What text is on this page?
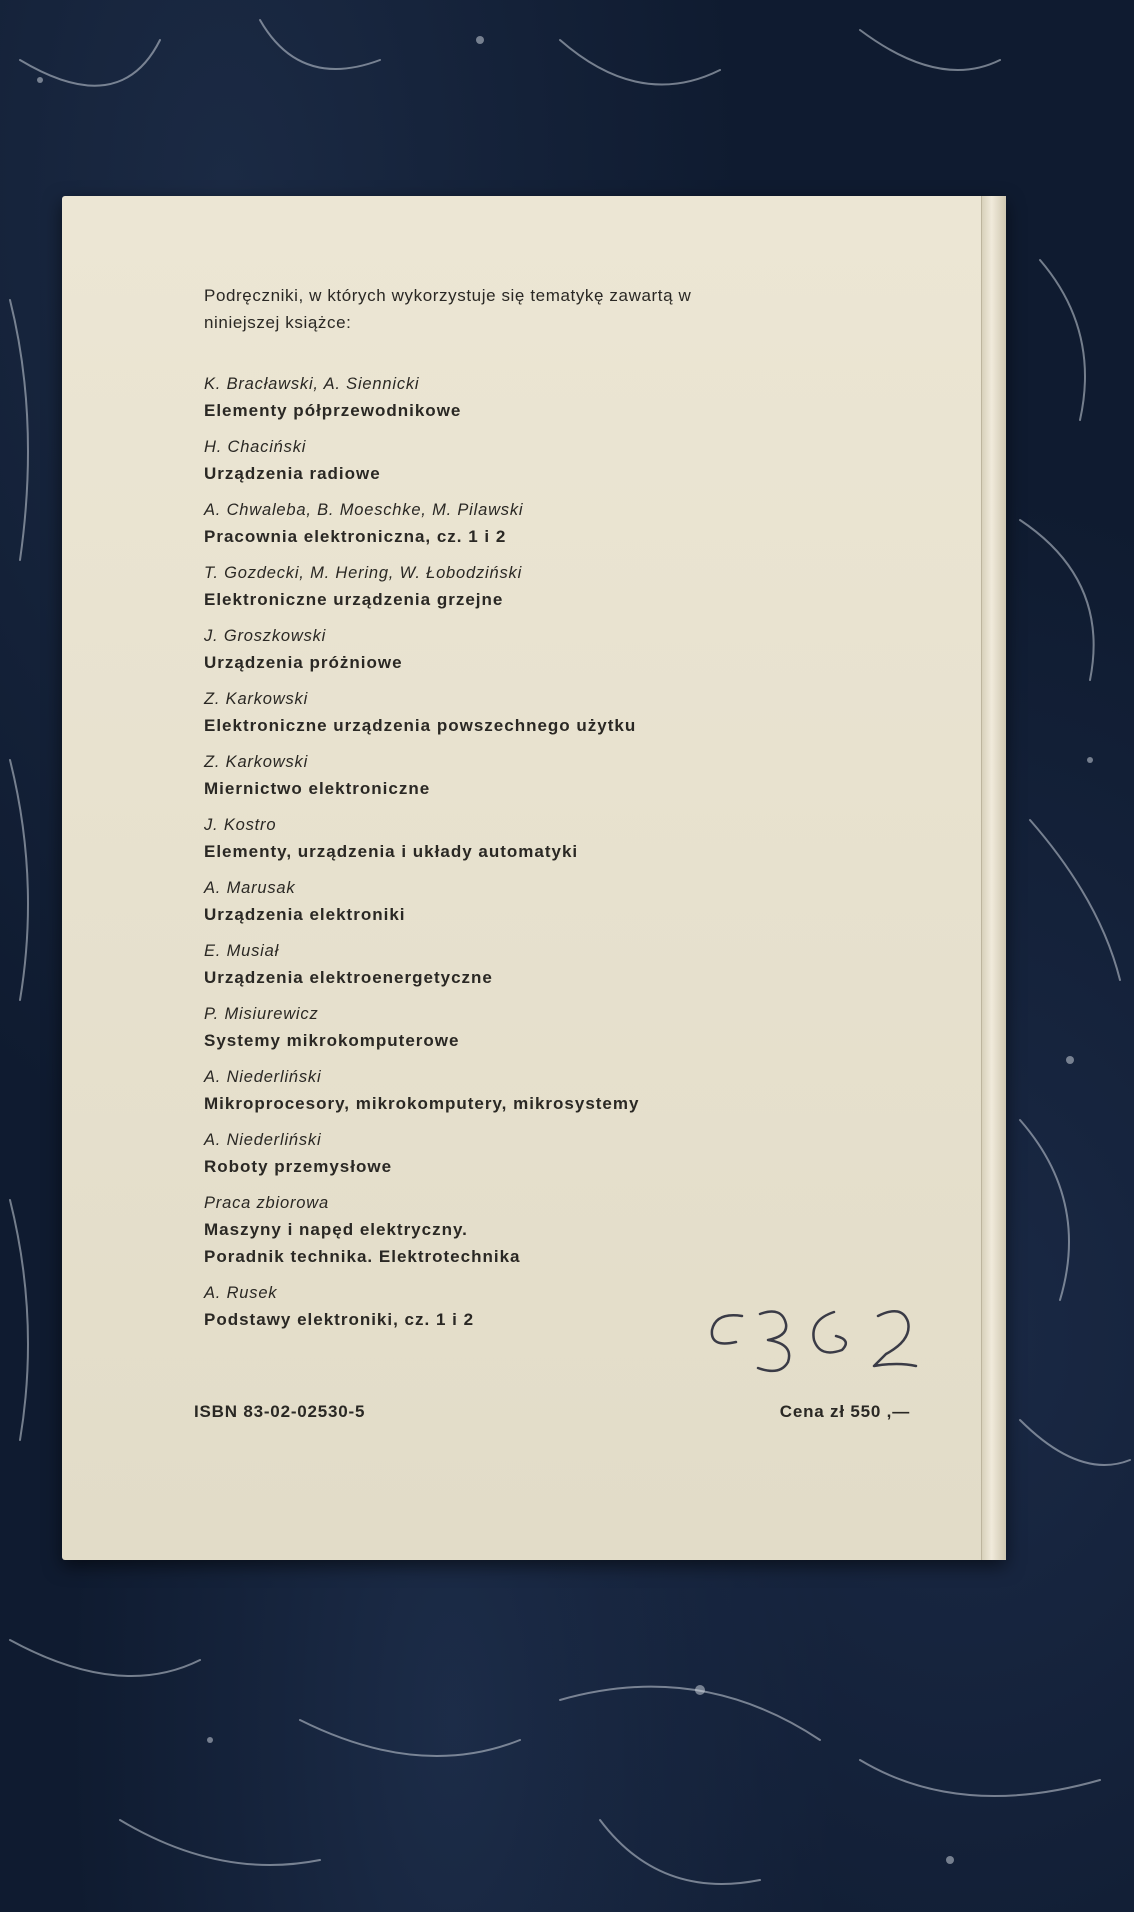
Podręczniki, w których wykorzystuje się tematykę zawartą w niniejszej książce:

K. Bracławski, A. Siennicki
Elementy półprzewodnikowe
H. Chaciński
Urządzenia radiowe
A. Chwaleba, B. Moeschke, M. Pilawski
Pracownia elektroniczna, cz. 1 i 2
T. Gozdecki, M. Hering, W. Łobodziński
Elektroniczne urządzenia grzejne
J. Groszkowski
Urządzenia próżniowe
Z. Karkowski
Elektroniczne urządzenia powszechnego użytku
Z. Karkowski
Miernictwo elektroniczne
J. Kostro
Elementy, urządzenia i układy automatyki
A. Marusak
Urządzenia elektroniki
E. Musiał
Urządzenia elektroenergetyczne
P. Misiurewicz
Systemy mikrokomputerowe
A. Niederliński
Mikroprocesory, mikrokomputery, mikrosystemy
A. Niederliński
Roboty przemysłowe
Praca zbiorowa
Maszyny i napęd elektryczny.
Poradnik technika. Elektrotechnika
A. Rusek
Podstawy elektroniki, cz. 1 i 2
ISBN 83-02-02530-5	Cena zł 550 ,—
